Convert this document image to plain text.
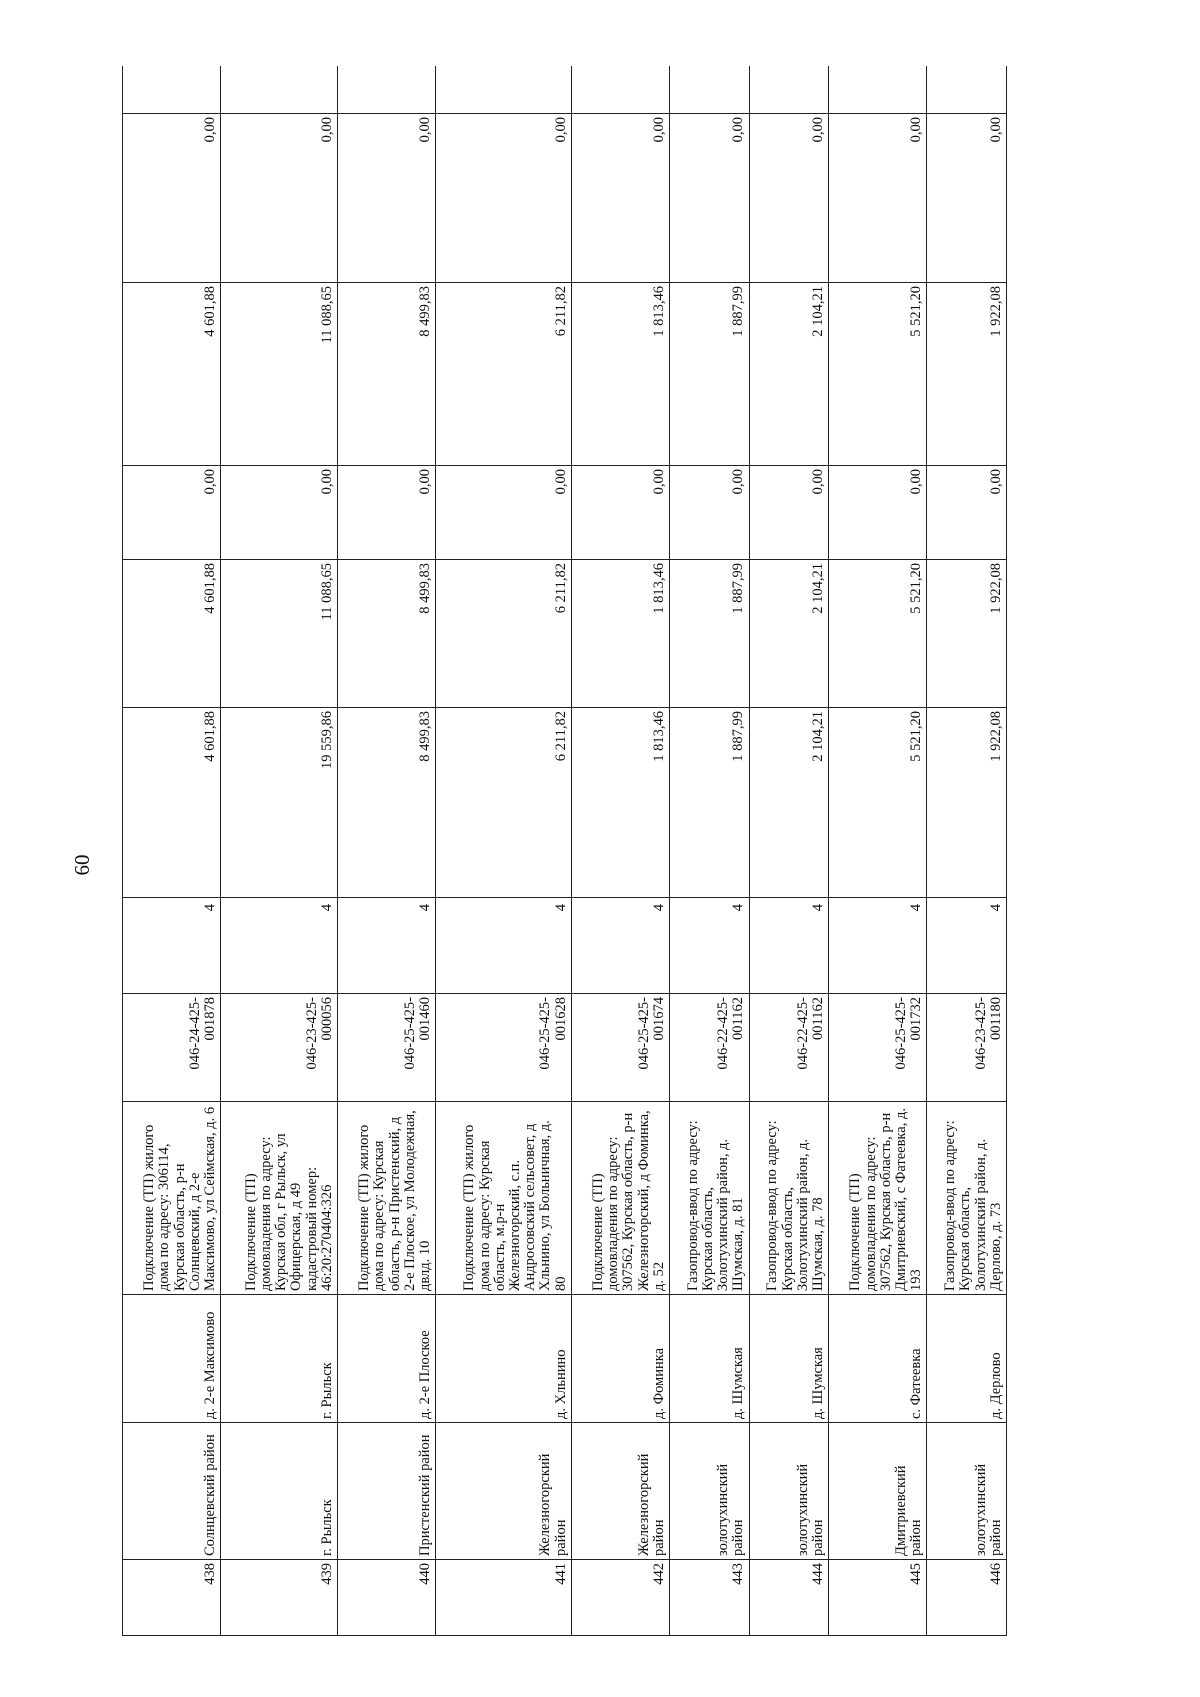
60
438	Солнцевский район	д. 2-е Максимово	Подключение (ТП) жилого дома по адресу: 306114, Курская область, р-н Солнцевский, д 2-е Максимово, ул Сеймская, д. 6	046-24-425-001878	4	4 601,88	4 601,88	0,00	4 601,88	0,00	
439	г. Рыльск	г. Рыльск	Подключение (ТП) домовладения по адресу: Курская обл, г Рыльск, ул Офицерская, д 49 кадастровый номер: 46:20:270404:326	046-23-425-000056	4	19 559,86	11 088,65	0,00	11 088,65	0,00	
440	Пристенский район	д. 2-е Плоское	Подключение (ТП) жилого дома по адресу: Курская область, р-н Пристенский, д 2-е Плоское, ул Молодежная, двлд. 10	046-25-425-001460	4	8 499,83	8 499,83	0,00	8 499,83	0,00	
441	Железногорский район	д. Хльнино	Подключение (ТП) жилого дома по адресу: Курская область, м.р-н Железногорский, с.п. Андросовский сельсовет, д Хльнино, ул Больничная, д. 80	046-25-425-001628	4	6 211,82	6 211,82	0,00	6 211,82	0,00	
442	Железногорский район	д. Фоминка	Подключение (ТП) домовладения по адресу: 307562, Курская область, р-н Железногорский, д Фоминка, д. 52	046-25-425-001674	4	1 813,46	1 813,46	0,00	1 813,46	0,00	
443	золотухинский район	д. Шумская	Газопровод-ввод по адресу: Курская область, Золотухинский район, д. Шумская, д. 81	046-22-425-001162	4	1 887,99	1 887,99	0,00	1 887,99	0,00	
444	золотухинский район	д. Шумская	Газопровод-ввод по адресу: Курская область, Золотухинский район, д. Шумская, д. 78	046-22-425-001162	4	2 104,21	2 104,21	0,00	2 104,21	0,00	
445	Дмитриевский район	с. Фатеевка	Подключение (ТП) домовладения по адресу: 307562, Курская область, р-н Дмитриевский, с Фатеевка, д. 193	046-25-425-001732	4	5 521,20	5 521,20	0,00	5 521,20	0,00	
446	золотухинский район	д. Дерлово	Газопровод-ввод по адресу: Курская область, Золотухинский район, д. Дерлово, д. 73	046-23-425-001180	4	1 922,08	1 922,08	0,00	1 922,08	0,00	
